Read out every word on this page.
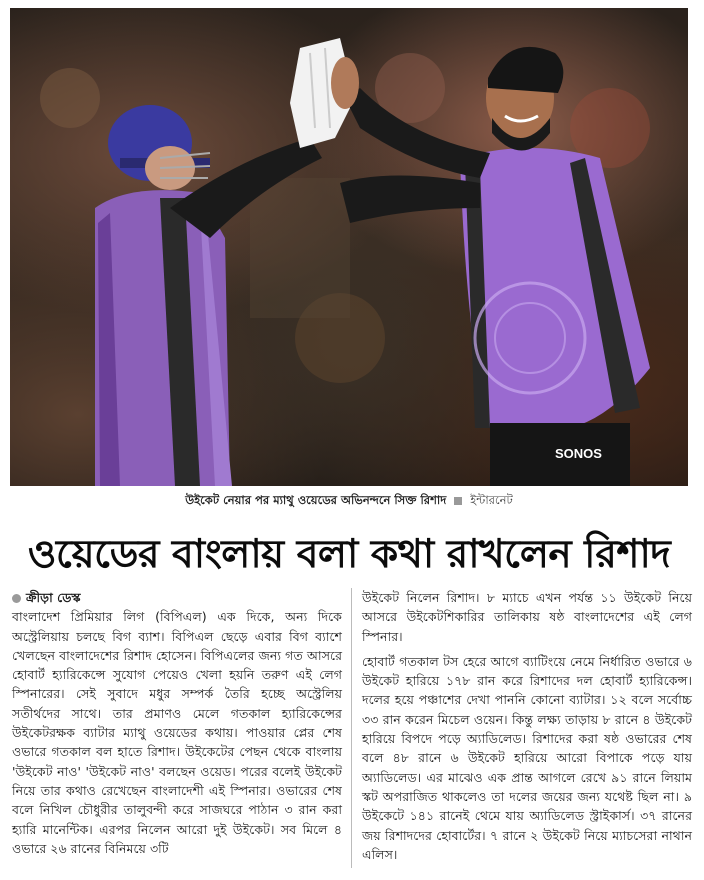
SONOS
উইকেট নেয়ার পর ম্যাথু ওয়েডের অভিনন্দনে সিক্ত রিশাদ ইন্টারনেট
ওয়েডের বাংলায় বলা কথা রাখলেন রিশাদ
ক্রীড়া ডেস্ক

বাংলাদেশ প্রিমিয়ার লিগ (বিপিএল) এক দিকে, অন্য দিকে অস্ট্রেলিয়ায় চলছে বিগ ব্যাশ। বিপিএল ছেড়ে এবার বিগ ব্যাশে খেলছেন বাংলাদেশের রিশাদ হোসেন। বিপিএলের জন্য গত আসরে হোবার্ট হ্যারিকেন্সে সুযোগ পেয়েও খেলা হয়নি তরুণ এই লেগ স্পিনারের। সেই সুবাদে মধুর সম্পর্ক তৈরি হচ্ছে অস্ট্রেলিয় সতীর্থদের সাথে। তার প্রমাণও মেলে গতকাল হ্যারিকেন্সের উইকেটরক্ষক ব্যাটার ম্যাথু ওয়েডের কথায়। পাওয়ার প্লের শেষ ওভারে গতকাল বল হাতে রিশাদ। উইকেটের পেছন থেকে বাংলায় 'উইকেট নাও' 'উইকেট নাও' বলছেন ওয়েড। পরের বলেই উইকেট নিয়ে তার কথাও রেখেছেন বাংলাদেশী এই স্পিনার। ওভারের শেষ বলে নিখিল চৌধুরীর তালুবন্দী করে সাজঘরে পাঠান ৩ রান করা হ্যারি মানেন্টিক। এরপর নিলেন আরো দুই উইকেট। সব মিলে ৪ ওভারে ২৬ রানের বিনিময়ে ৩টি

উইকেট নিলেন রিশাদ। ৮ ম্যাচে এখন পর্যন্ত ১১ উইকেট নিয়ে আসরে উইকেটশিকারির তালিকায় ষষ্ঠ বাংলাদেশের এই লেগ স্পিনার।

হোবার্ট গতকাল টস হেরে আগে ব্যাটিংয়ে নেমে নির্ধারিত ওভারে ৬ উইকেট হারিয়ে ১৭৮ রান করে রিশাদের দল হোবার্ট হ্যারিকেন্স। দলের হয়ে পঞ্চাশের দেখা পাননি কোনো ব্যাটার। ১২ বলে সর্বোচ্চ ৩৩ রান করেন মিচেল ওয়েন। কিন্তু লক্ষ্য তাড়ায় ৮ রানে ৪ উইকেট হারিয়ে বিপদে পড়ে অ্যাডিলেড। রিশাদের করা ষষ্ঠ ওভারের শেষ বলে ৪৮ রানে ৬ উইকেট হারিয়ে আরো বিপাকে পড়ে যায় অ্যাডিলেড। এর মাঝেও এক প্রান্ত আগলে রেখে ৯১ রানে লিয়াম স্কট অপরাজিত থাকলেও তা দলের জয়ের জন্য যথেষ্ট ছিল না। ৯ উইকেটে ১৪১ রানেই থেমে যায় অ্যাডিলেড স্ট্রাইকার্স। ৩৭ রানের জয় রিশাদদের হোবার্টের। ৭ রানে ২ উইকেট নিয়ে ম্যাচসেরা নাথান এলিস।
